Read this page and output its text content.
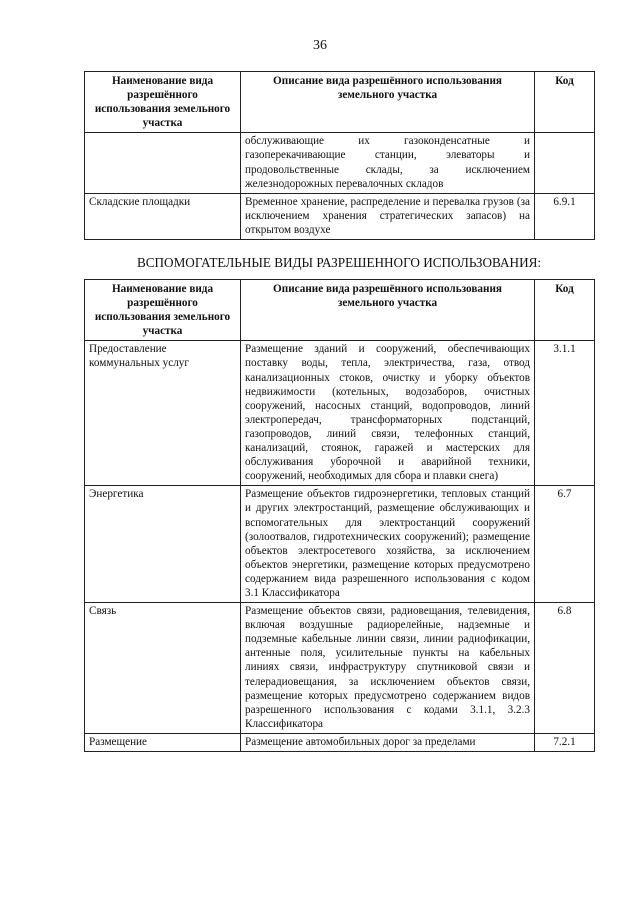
36
Наименование вида разрешённого использования земельного участка	Описание вида разрешённого использования земельного участка	Код
	обслуживающие их газоконденсатные и газоперекачивающие станции, элеваторы и продовольственные склады, за исключением железнодорожных перевалочных складов	
Складские площадки	Временное хранение, распределение и перевалка грузов (за исключением хранения стратегических запасов) на открытом воздухе	6.9.1
ВСПОМОГАТЕЛЬНЫЕ ВИДЫ РАЗРЕШЕННОГО ИСПОЛЬЗОВАНИЯ:
Наименование вида разрешённого использования земельного участка	Описание вида разрешённого использования земельного участка	Код
Предоставление коммунальных услуг	Размещение зданий и сооружений, обеспечивающих поставку воды, тепла, электричества, газа, отвод канализационных стоков, очистку и уборку объектов недвижимости (котельных, водозаборов, очистных сооружений, насосных станций, водопроводов, линий электропередач, трансформаторных подстанций, газопроводов, линий связи, телефонных станций, канализаций, стоянок, гаражей и мастерских для обслуживания уборочной и аварийной техники, сооружений, необходимых для сбора и плавки снега)	3.1.1
Энергетика	Размещение объектов гидроэнергетики, тепловых станций и других электростанций, размещение обслуживающих и вспомогательных для электростанций сооружений (золоотвалов, гидротехнических сооружений); размещение объектов электросетевого хозяйства, за исключением объектов энергетики, размещение которых предусмотрено содержанием вида разрешенного использования с кодом 3.1 Классификатора	6.7
Связь	Размещение объектов связи, радиовещания, телевидения, включая воздушные радиорелейные, надземные и подземные кабельные линии связи, линии радиофикации, антенные поля, усилительные пункты на кабельных линиях связи, инфраструктуру спутниковой связи и телерадиовещания, за исключением объектов связи, размещение которых предусмотрено содержанием видов разрешенного использования с кодами 3.1.1, 3.2.3 Классификатора	6.8
Размещение	Размещение автомобильных дорог за пределами	7.2.1
